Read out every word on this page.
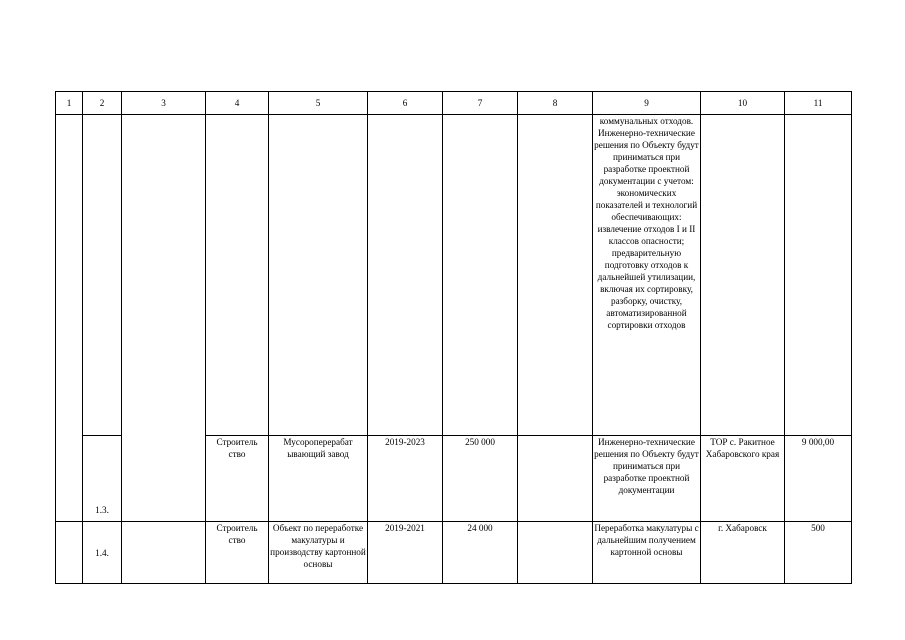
1	2	3	4	5	6	7	8	9	10	11
								коммунальных отходов. Инженерно-технические решения по Объекту будут приниматься при разработке проектной документации с учетом: экономических показателей и технологий обеспечивающих: извлечение отходов I и II классов опасности; предварительную подготовку отходов к дальнейшей утилизации, включая их сортировку, разборку, очистку, автоматизированной сортировки отходов		
	1.3.		Строитель ство	Мусороперерабат ывающий завод	2019-2023	250 000		Инженерно-технические решения по Объекту будут приниматься при разработке проектной документации	ТОР с. Ракитное Хабаровского края	9 000,00
	1.4.		Строитель ство	Объект по переработке макулатуры и производству картонной основы	2019-2021	24 000		Переработка макулатуры с дальнейшим получением картонной основы	г. Хабаровск	500
